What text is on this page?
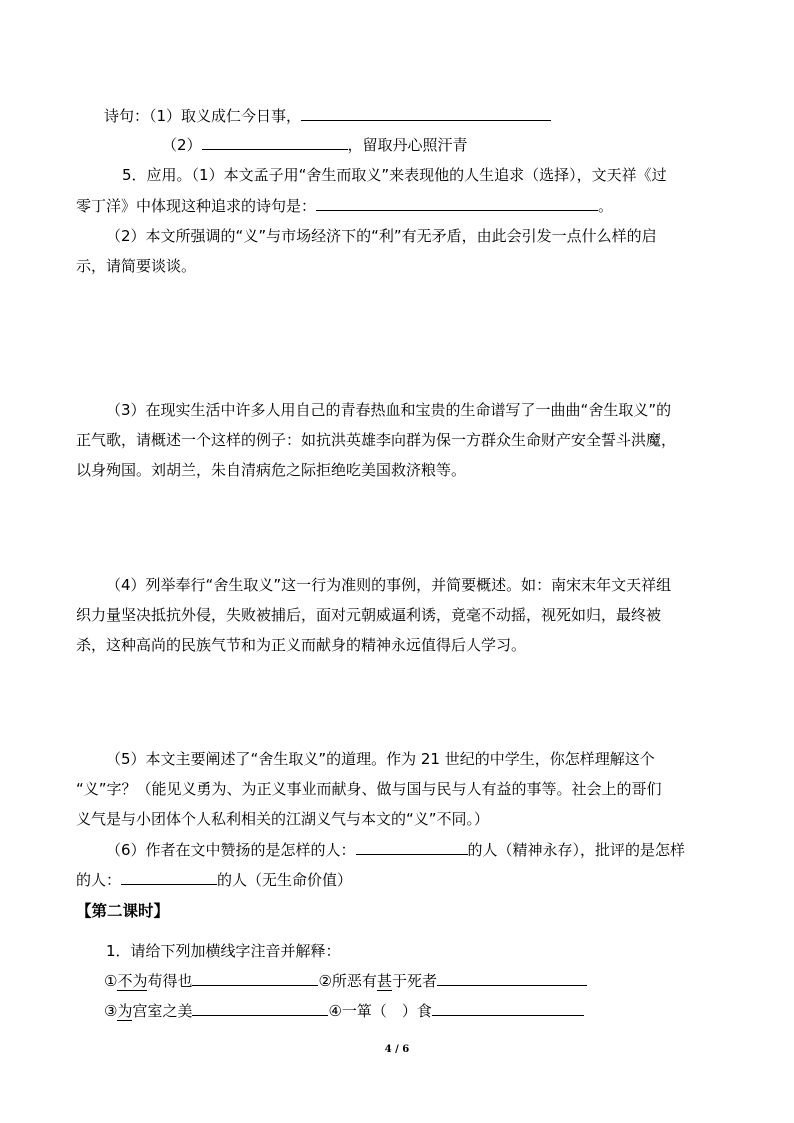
诗句：（1）取义成仁今日事，
（2）	，留取丹心照汗青
5．应用。（1）本文孟子用“舍生而取义”来表现他的人生追求（选择），文天祥《过
零丁洋》中体现这种追求的诗句是：	。
（2）本文所强调的“义”与市场经济下的“利”有无矛盾，由此会引发一点什么样的启
示，请简要谈谈。
（3）在现实生活中许多人用自己的青春热血和宝贵的生命谱写了一曲曲“舍生取义”的
正气歌，请概述一个这样的例子：如抗洪英雄李向群为保一方群众生命财产安全誓斗洪魔，
以身殉国。刘胡兰，朱自清病危之际拒绝吃美国救济粮等。
（4）列举奉行“舍生取义”这一行为准则的事例，并简要概述。如：南宋末年文天祥组
织力量坚决抵抗外侵，失败被捕后，面对元朝威逼利诱，竟毫不动摇，视死如归，最终被
杀，这种高尚的民族气节和为正义而献身的精神永远值得后人学习。
（5）本文主要阐述了“舍生取义”的道理。作为 21 世纪的中学生，你怎样理解这个
“义”字？（能见义勇为、为正义事业而献身、做与国与民与人有益的事等。社会上的哥们
义气是与小团体个人私利相关的江湖义气与本文的“义”不同。）
（6）作者在文中赞扬的是怎样的人：	的人（精神永存），批评的是怎样
的人：	的人（无生命价值）
【第二课时】
1．请给下列加横线字注音并解释：
①不为苟得也	②所恶有甚于死者
③为宫室之美	④一箪（　）食
4 / 6
